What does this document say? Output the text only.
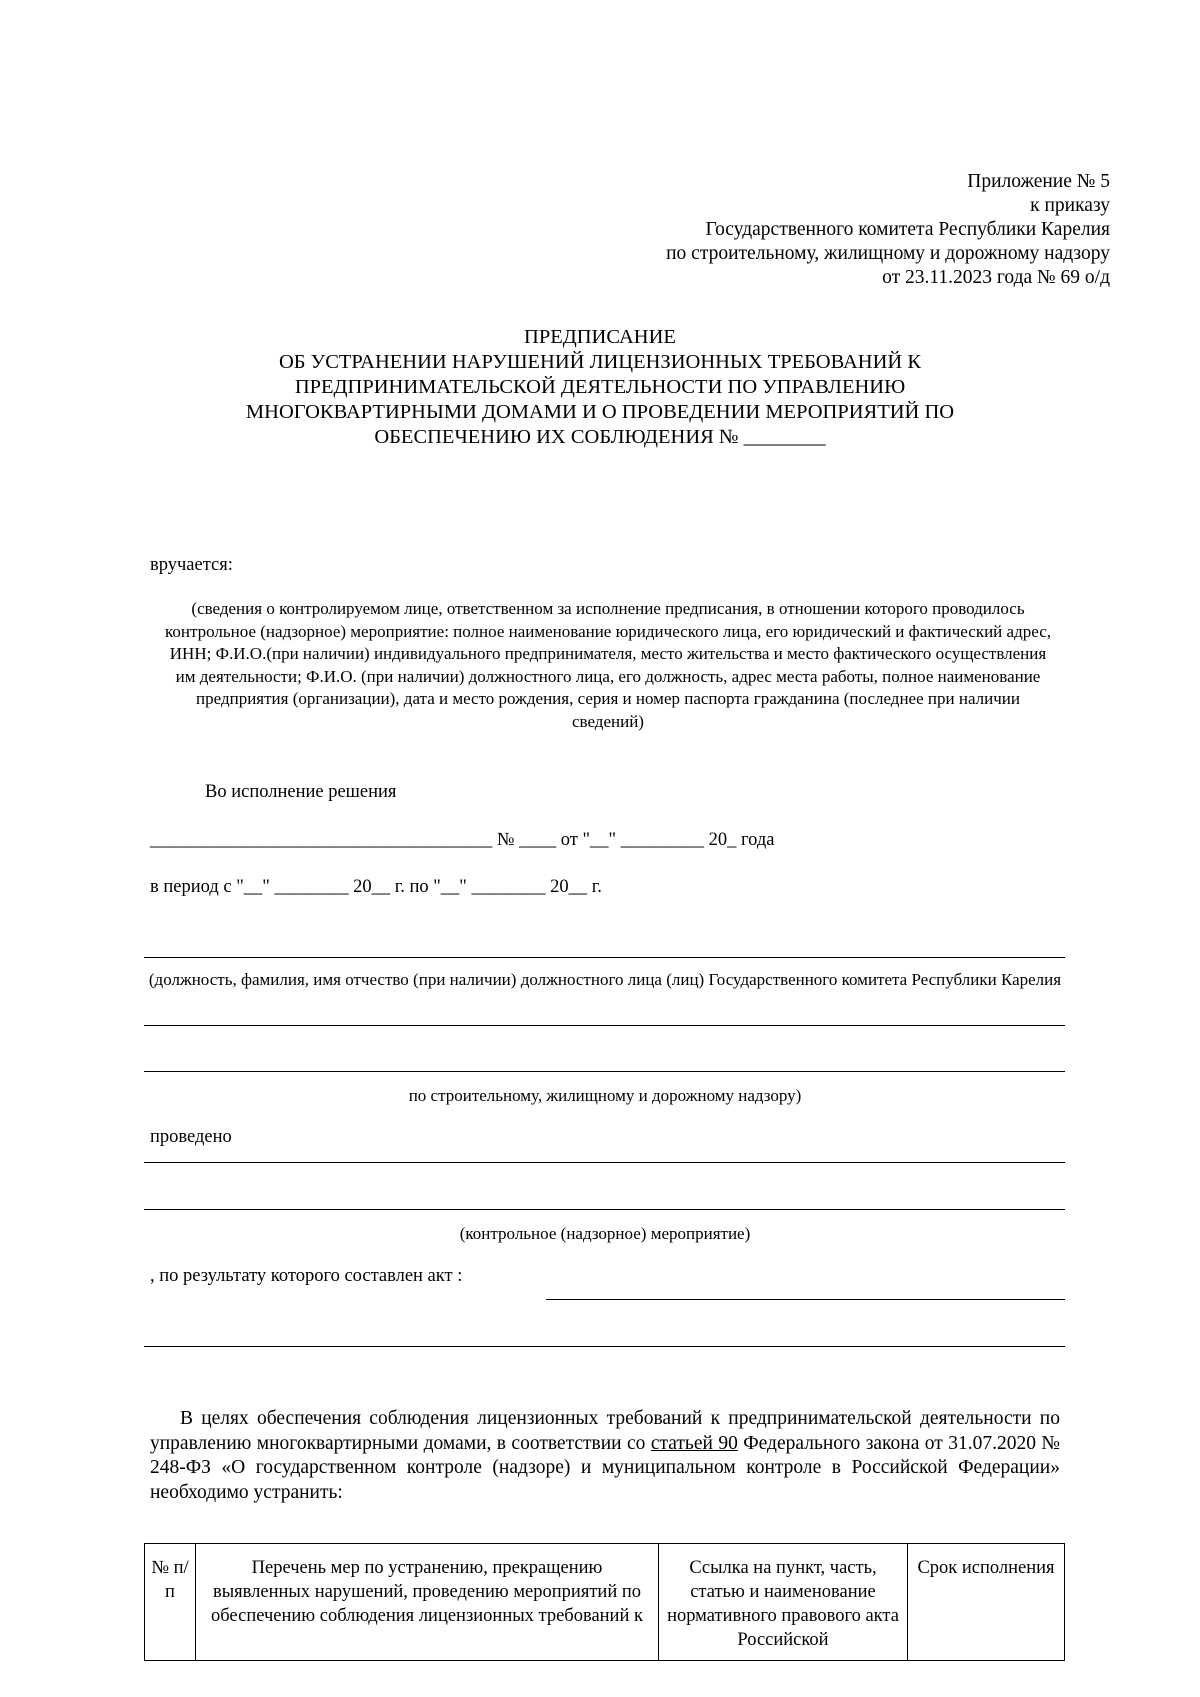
Приложение № 5
к приказу
Государственного комитета Республики Карелия
по строительному, жилищному и дорожному надзору
от 23.11.2023 года № 69 о/д
ПРЕДПИСАНИЕ
ОБ УСТРАНЕНИИ НАРУШЕНИЙ ЛИЦЕНЗИОННЫХ ТРЕБОВАНИЙ К
ПРЕДПРИНИМАТЕЛЬСКОЙ ДЕЯТЕЛЬНОСТИ ПО УПРАВЛЕНИЮ
МНОГОКВАРТИРНЫМИ ДОМАМИ И О ПРОВЕДЕНИИ МЕРОПРИЯТИЙ ПО
ОБЕСПЕЧЕНИЮ ИХ СОБЛЮДЕНИЯ № ________
вручается:
(сведения о контролируемом лице, ответственном за исполнение предписания, в отношении которого проводилось контрольное (надзорное) мероприятие: полное наименование юридического лица, его юридический и фактический адрес, ИНН; Ф.И.О.(при наличии) индивидуального предпринимателя, место жительства и место фактического осуществления им деятельности; Ф.И.О. (при наличии) должностного лица, его должность, адрес места работы, полное наименование предприятия (организации), дата и место рождения, серия и номер паспорта гражданина (последнее при наличии сведений)
Во исполнение решения
_____________________________________ № ____ от "__" _________ 20_ года
в период с "__" ________ 20__ г. по "__" ________ 20__ г.
(должность, фамилия, имя отчество (при наличии) должностного лица (лиц) Государственного комитета Республики Карелия
по строительному, жилищному и дорожному надзору)
проведено
(контрольное (надзорное) мероприятие)
, по результату которого составлен акт :
В целях обеспечения соблюдения лицензионных требований к предпринимательской деятельности по управлению многоквартирными домами, в соответствии со статьей 90 Федерального закона от 31.07.2020 № 248-ФЗ «О государственном контроле (надзоре) и муниципальном контроле в Российской Федерации» необходимо устранить:
№ п/п	Перечень мер по устранению, прекращению выявленных нарушений, проведению мероприятий по обеспечению соблюдения лицензионных требований к	Ссылка на пункт, часть, статью и наименование нормативного правового акта Российской	Срок исполнения
